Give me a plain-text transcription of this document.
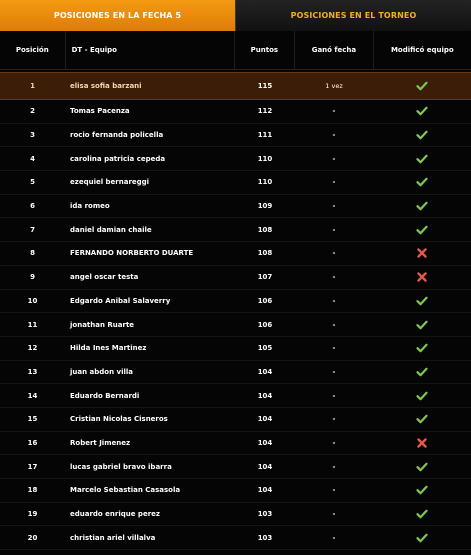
POSICIONES EN LA FECHA 5	POSICIONES EN EL TORNEO
Posición	DT - Equipo	Puntos	Ganó fecha	Modificó equipo
1	elisa sofia barzani	115	1 vez
2	Tomas Pacenza	112	-
3	rocio fernanda policella	111	-
4	carolina patricia cepeda	110	-
5	ezequiel bernareggi	110	-
6	ida romeo	109	-
7	daniel damian chaile	108	-
8	FERNANDO NORBERTO DUARTE	108	-
9	angel oscar testa	107	-
10	Edgardo Anibal Salaverry	106	-
11	jonathan Ruarte	106	-
12	Hilda Ines Martinez	105	-
13	juan abdon villa	104	-
14	Eduardo Bernardi	104	-
15	Cristian Nicolas Cisneros	104	-
16	Robert Jimenez	104	-
17	lucas gabriel bravo ibarra	104	-
18	Marcelo Sebastian Casasola	104	-
19	eduardo enrique perez	103	-
20	christian ariel villalva	103	-
